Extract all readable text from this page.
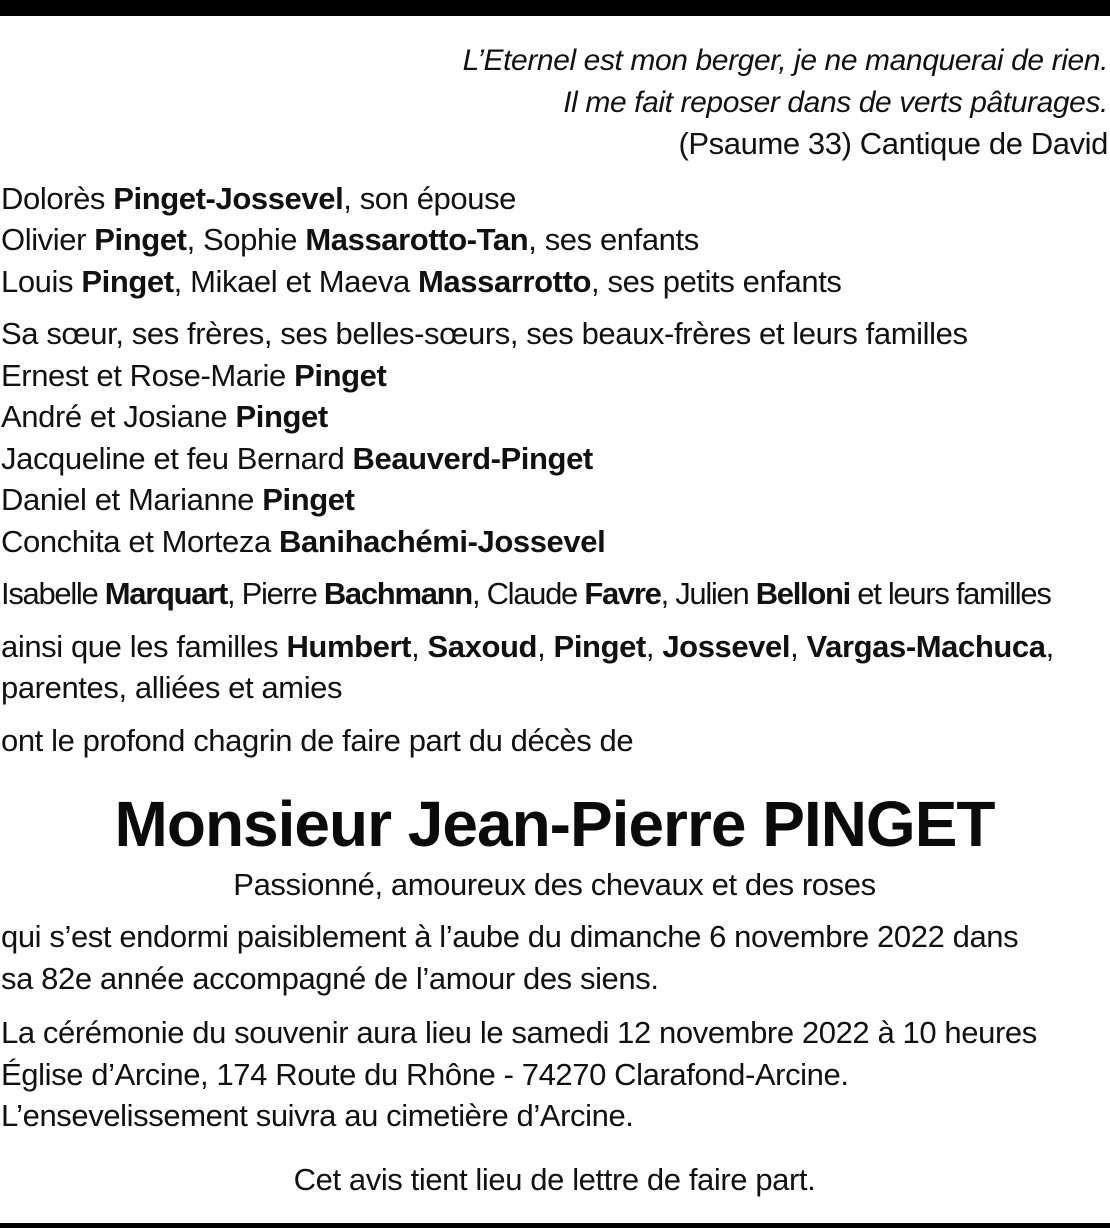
L’Eternel est mon berger, je ne manquerai de rien.
Il me fait reposer dans de verts pâturages.
(Psaume 33) Cantique de David
Dolorès Pinget-Jossevel, son épouse
Olivier Pinget, Sophie Massarotto-Tan, ses enfants
Louis Pinget, Mikael et Maeva Massarrotto, ses petits enfants
Sa sœur, ses frères, ses belles-sœurs, ses beaux-frères et leurs familles
Ernest et Rose-Marie Pinget
André et Josiane Pinget
Jacqueline et feu Bernard Beauverd-Pinget
Daniel et Marianne Pinget
Conchita et Morteza Banihachémi-Jossevel
Isabelle Marquart, Pierre Bachmann, Claude Favre, Julien Belloni et leurs familles
ainsi que les familles Humbert, Saxoud, Pinget, Jossevel, Vargas-Machuca,
parentes, alliées et amies
ont le profond chagrin de faire part du décès de
Monsieur Jean-Pierre PINGET
Passionné, amoureux des chevaux et des roses
qui s’est endormi paisiblement à l’aube du dimanche 6 novembre 2022 dans
sa 82e année accompagné de l’amour des siens.
La cérémonie du souvenir aura lieu le samedi 12 novembre 2022 à 10 heures
Église d’Arcine, 174 Route du Rhône - 74270 Clarafond-Arcine.
L’ensevelissement suivra au cimetière d’Arcine.
Cet avis tient lieu de lettre de faire part.
